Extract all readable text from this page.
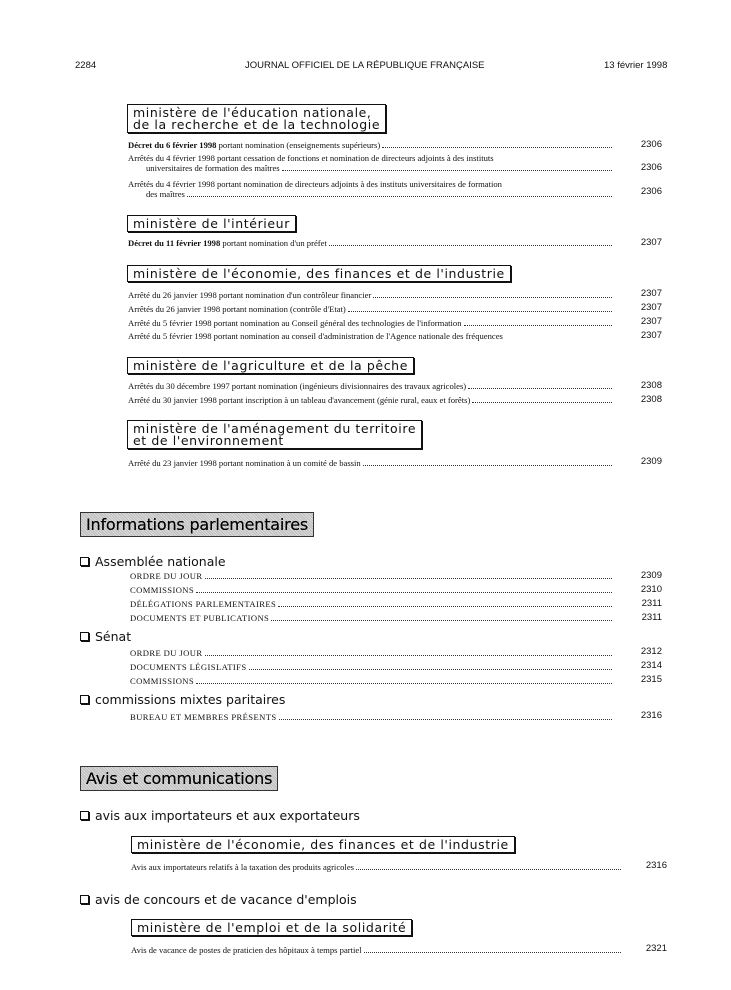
2284	JOURNAL OFFICIEL DE LA RÉPUBLIQUE FRANÇAISE	13 février 1998
ministère de l'éducation nationale,
de la recherche et de la technologie
Décret du 6 février 1998 portant nomination (enseignements supérieurs)	2306
Arrêtés du 4 février 1998 portant cessation de fonctions et nomination de directeurs adjoints à des instituts
universitaires de formation des maîtres	2306
Arrêtés du 4 février 1998 portant nomination de directeurs adjoints à des instituts universitaires de formation
des maîtres	2306
ministère de l'intérieur
Décret du 11 février 1998 portant nomination d'un préfet	2307
ministère de l'économie, des finances et de l'industrie
Arrêté du 26 janvier 1998 portant nomination d'un contrôleur financier	2307
Arrêtés du 26 janvier 1998 portant nomination (contrôle d'Etat)	2307
Arrêté du 5 février 1998 portant nomination au Conseil général des technologies de l'information	2307
Arrêté du 5 février 1998 portant nomination au conseil d'administration de l'Agence nationale des fréquences	2307
ministère de l'agriculture et de la pêche
Arrêtés du 30 décembre 1997 portant nomination (ingénieurs divisionnaires des travaux agricoles)	2308
Arrêté du 30 janvier 1998 portant inscription à un tableau d'avancement (génie rural, eaux et forêts)	2308
ministère de l'aménagement du territoire
et de l'environnement
Arrêté du 23 janvier 1998 portant nomination à un comité de bassin	2309
Informations parlementaires
Assemblée nationale
ORDRE DU JOUR	2309
COMMISSIONS	2310
DÉLÉGATIONS PARLEMENTAIRES	2311
DOCUMENTS ET PUBLICATIONS	2311
Sénat
ORDRE DU JOUR	2312
DOCUMENTS LÉGISLATIFS	2314
COMMISSIONS	2315
commissions mixtes paritaires
BUREAU ET MEMBRES PRÉSENTS	2316
Avis et communications
avis aux importateurs et aux exportateurs
ministère de l'économie, des finances et de l'industrie
Avis aux importateurs relatifs à la taxation des produits agricoles	2316
avis de concours et de vacance d'emplois
ministère de l'emploi et de la solidarité
Avis de vacance de postes de praticien des hôpitaux à temps partiel	2321
